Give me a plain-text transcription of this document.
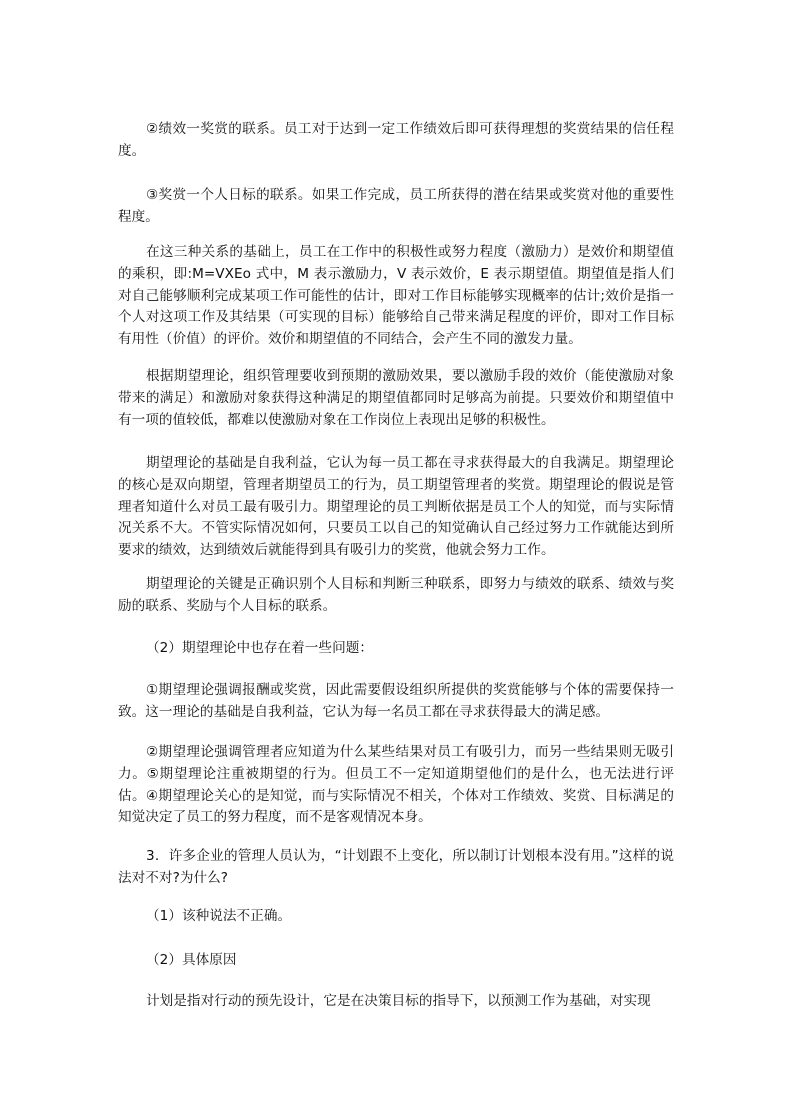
②绩效一奖赏的联系。员工对于达到一定工作绩效后即可获得理想的奖赏结果的信任程度。

③奖赏一个人日标的联系。如果工作完成，员工所获得的潜在结果或奖赏对他的重要性程度。

在这三种关系的基础上，员工在工作中的积极性或努力程度（激励力）是效价和期望值的乘积，即:M=VXEo 式中，M 表示激励力，V 表示效价，E 表示期望值。期望值是指人们对自己能够顺利完成某项工作可能性的估计，即对工作目标能够实现概率的估计;效价是指一个人对这项工作及其结果（可实现的目标）能够给自己带来满足程度的评价，即对工作目标有用性（价值）的评价。效价和期望值的不同结合，会产生不同的激发力量。

根据期望理论，组织管理要收到预期的激励效果，要以激励手段的效价（能使激励对象带来的满足）和激励对象获得这种满足的期望值都同时足够高为前提。只要效价和期望值中有一项的值较低，都难以使激励对象在工作岗位上表现出足够的积极性。

期望理论的基础是自我利益，它认为每一员工都在寻求获得最大的自我满足。期望理论的核心是双向期望，管理者期望员工的行为，员工期望管理者的奖赏。期望理论的假说是管理者知道什么对员工最有吸引力。期望理论的员工判断依据是员工个人的知觉，而与实际情况关系不大。不管实际情况如何，只要员工以自己的知觉确认自己经过努力工作就能达到所要求的绩效，达到绩效后就能得到具有吸引力的奖赏，他就会努力工作。

期望理论的关键是正确识别个人目标和判断三种联系，即努力与绩效的联系、绩效与奖励的联系、奖励与个人目标的联系。

（2）期望理论中也存在着一些问题：

①期望理论强调报酬或奖赏，因此需要假设组织所提供的奖赏能够与个体的需要保持一致。这一理论的基础是自我利益，它认为每一名员工都在寻求获得最大的满足感。

②期望理论强调管理者应知道为什么某些结果对员工有吸引力，而另一些结果则无吸引力。⑤期望理论注重被期望的行为。但员工不一定知道期望他们的是什么，也无法进行评估。④期望理论关心的是知觉，而与实际情况不相关，个体对工作绩效、奖赏、目标满足的知觉决定了员工的努力程度，而不是客观情况本身。

3．许多企业的管理人员认为，“计划跟不上变化，所以制订计划根本没有用。”这样的说法对不对?为什么?

（1）该种说法不正确。

（2）具体原因

计划是指对行动的预先设计，它是在决策目标的指导下，以预测工作为基础，对实现
